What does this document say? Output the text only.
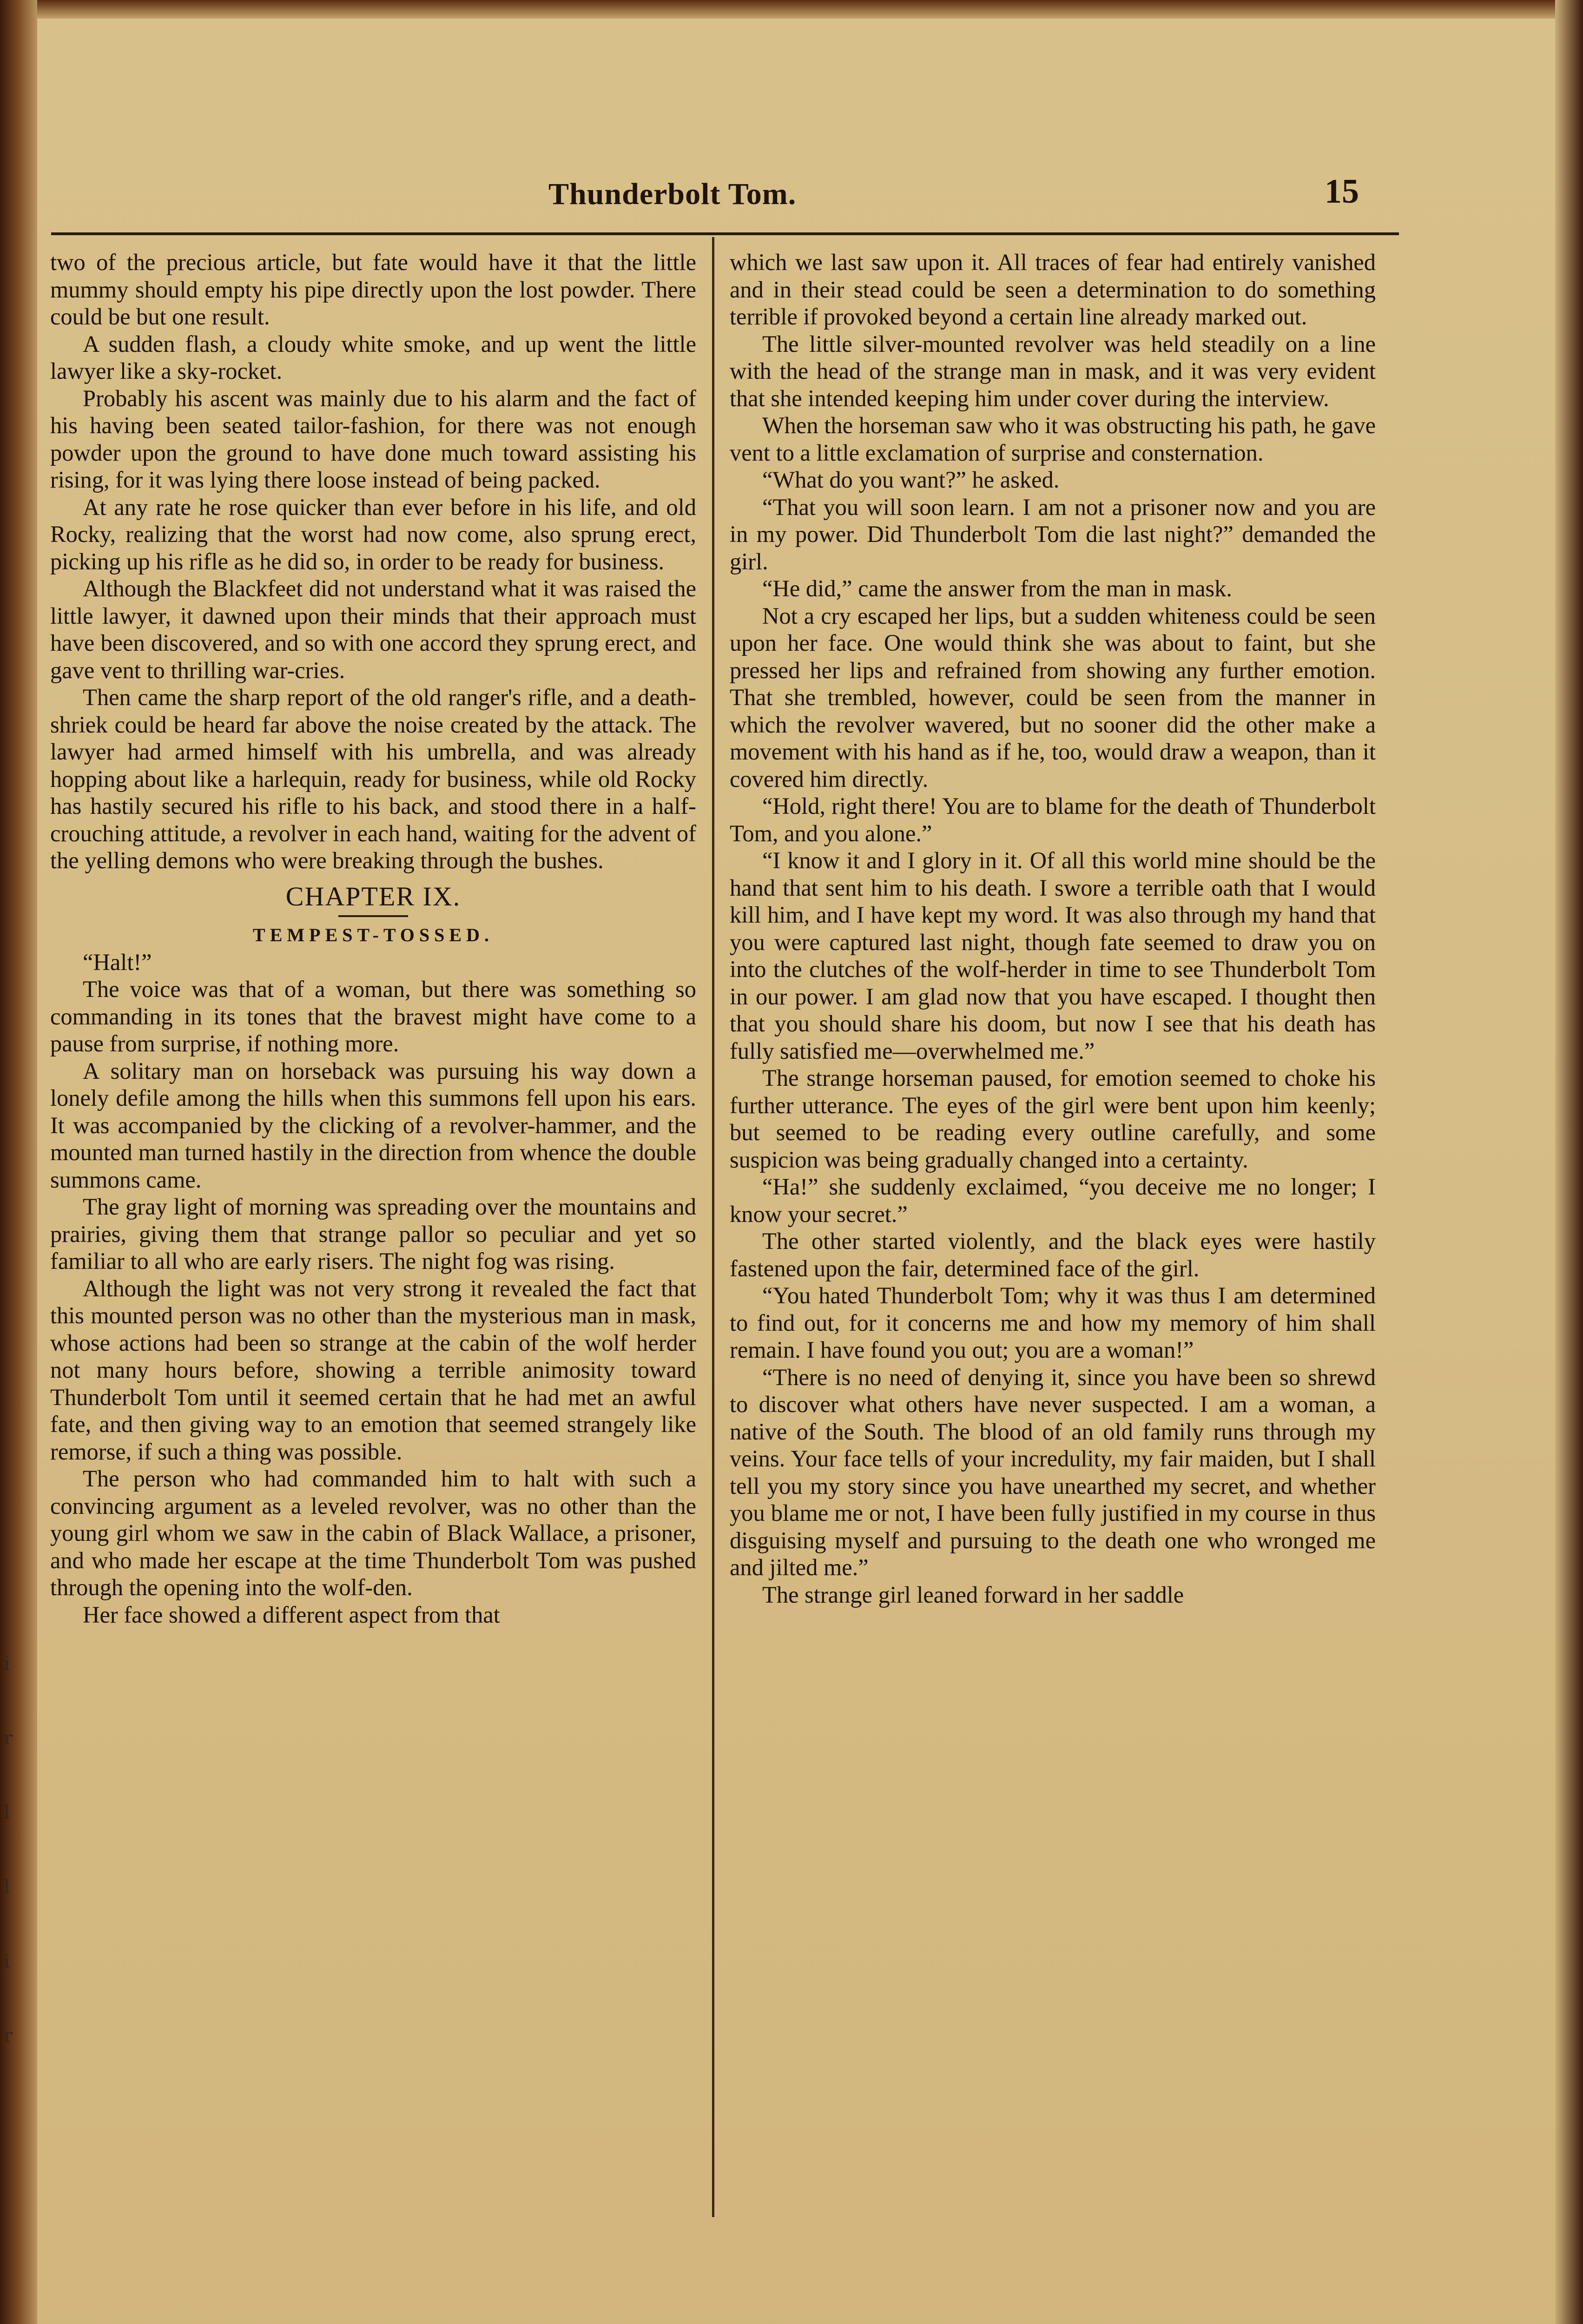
i
r
l
l
i
r
Thunderbolt Tom.	15

two of the precious article, but fate would have it that the little mummy should empty his pipe directly upon the lost powder. There could be but one result.

A sudden flash, a cloudy white smoke, and up went the little lawyer like a sky-rocket.

Probably his ascent was mainly due to his alarm and the fact of his having been seated tailor-fashion, for there was not enough powder upon the ground to have done much toward assisting his rising, for it was lying there loose instead of being packed.

At any rate he rose quicker than ever before in his life, and old Rocky, realizing that the worst had now come, also sprung erect, picking up his rifle as he did so, in order to be ready for business.

Although the Blackfeet did not understand what it was raised the little lawyer, it dawned upon their minds that their approach must have been discovered, and so with one accord they sprung erect, and gave vent to thrilling war-cries.

Then came the sharp report of the old ranger's rifle, and a death-shriek could be heard far above the noise created by the attack. The lawyer had armed himself with his umbrella, and was already hopping about like a harlequin, ready for business, while old Rocky has hastily secured his rifle to his back, and stood there in a half-crouching attitude, a revolver in each hand, waiting for the advent of the yelling demons who were breaking through the bushes.

CHAPTER IX.
TEMPEST-TOSSED.

“Halt!”

The voice was that of a woman, but there was something so commanding in its tones that the bravest might have come to a pause from surprise, if nothing more.

A solitary man on horseback was pursuing his way down a lonely defile among the hills when this summons fell upon his ears. It was accompanied by the clicking of a revolver-hammer, and the mounted man turned hastily in the direction from whence the double summons came.

The gray light of morning was spreading over the mountains and prairies, giving them that strange pallor so peculiar and yet so familiar to all who are early risers. The night fog was rising.

Although the light was not very strong it revealed the fact that this mounted person was no other than the mysterious man in mask, whose actions had been so strange at the cabin of the wolf herder not many hours before, showing a terrible animosity toward Thunderbolt Tom until it seemed certain that he had met an awful fate, and then giving way to an emotion that seemed strangely like remorse, if such a thing was possible.

The person who had commanded him to halt with such a convincing argument as a leveled revolver, was no other than the young girl whom we saw in the cabin of Black Wallace, a prisoner, and who made her escape at the time Thunderbolt Tom was pushed through the opening into the wolf-den.

Her face showed a different aspect from that

which we last saw upon it. All traces of fear had entirely vanished and in their stead could be seen a determination to do something terrible if provoked beyond a certain line already marked out.

The little silver-mounted revolver was held steadily on a line with the head of the strange man in mask, and it was very evident that she intended keeping him under cover during the interview.

When the horseman saw who it was obstructing his path, he gave vent to a little exclamation of surprise and consternation.

“What do you want?” he asked.

“That you will soon learn. I am not a prisoner now and you are in my power. Did Thunderbolt Tom die last night?” demanded the girl.

“He did,” came the answer from the man in mask.

Not a cry escaped her lips, but a sudden whiteness could be seen upon her face. One would think she was about to faint, but she pressed her lips and refrained from showing any further emotion. That she trembled, however, could be seen from the manner in which the revolver wavered, but no sooner did the other make a movement with his hand as if he, too, would draw a weapon, than it covered him directly.

“Hold, right there! You are to blame for the death of Thunderbolt Tom, and you alone.”

“I know it and I glory in it. Of all this world mine should be the hand that sent him to his death. I swore a terrible oath that I would kill him, and I have kept my word. It was also through my hand that you were captured last night, though fate seemed to draw you on into the clutches of the wolf-herder in time to see Thunderbolt Tom in our power. I am glad now that you have escaped. I thought then that you should share his doom, but now I see that his death has fully satisfied me—overwhelmed me.”

The strange horseman paused, for emotion seemed to choke his further utterance. The eyes of the girl were bent upon him keenly; but seemed to be reading every outline carefully, and some suspicion was being gradually changed into a certainty.

“Ha!” she suddenly exclaimed, “you deceive me no longer; I know your secret.”

The other started violently, and the black eyes were hastily fastened upon the fair, determined face of the girl.

“You hated Thunderbolt Tom; why it was thus I am determined to find out, for it concerns me and how my memory of him shall remain. I have found you out; you are a woman!”

“There is no need of denying it, since you have been so shrewd to discover what others have never suspected. I am a woman, a native of the South. The blood of an old family runs through my veins. Your face tells of your incredulity, my fair maiden, but I shall tell you my story since you have unearthed my secret, and whether you blame me or not, I have been fully justified in my course in thus disguising myself and pursuing to the death one who wronged me and jilted me.”

The strange girl leaned forward in her saddle
